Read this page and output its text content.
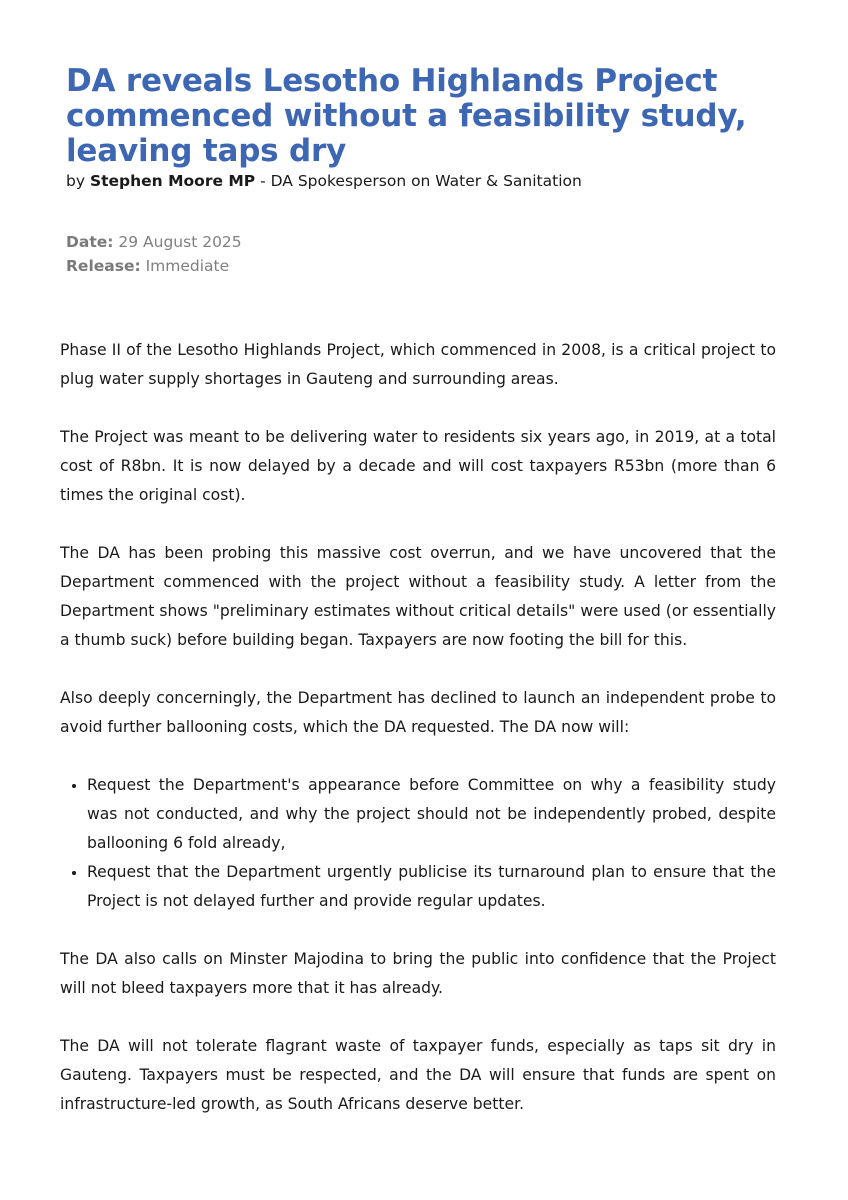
DA reveals Lesotho Highlands Project commenced without a feasibility study, leaving taps dry
by Stephen Moore MP - DA Spokesperson on Water & Sanitation
Date: 29 August 2025
Release: Immediate

Phase II of the Lesotho Highlands Project, which commenced in 2008, is a critical project to plug water supply shortages in Gauteng and surrounding areas.

The Project was meant to be delivering water to residents six years ago, in 2019, at a total cost of R8bn. It is now delayed by a decade and will cost taxpayers R53bn (more than 6 times the original cost).

The DA has been probing this massive cost overrun, and we have uncovered that the Department commenced with the project without a feasibility study. A letter from the Department shows "preliminary estimates without critical details" were used (or essentially a thumb suck) before building began. Taxpayers are now footing the bill for this.

Also deeply concerningly, the Department has declined to launch an independent probe to avoid further ballooning costs, which the DA requested. The DA now will:

• Request the Department's appearance before Committee on why a feasibility study was not conducted, and why the project should not be independently probed, despite ballooning 6 fold already,
• Request that the Department urgently publicise its turnaround plan to ensure that the Project is not delayed further and provide regular updates.

The DA also calls on Minster Majodina to bring the public into confidence that the Project will not bleed taxpayers more that it has already.

The DA will not tolerate flagrant waste of taxpayer funds, especially as taps sit dry in Gauteng. Taxpayers must be respected, and the DA will ensure that funds are spent on infrastructure-led growth, as South Africans deserve better.
